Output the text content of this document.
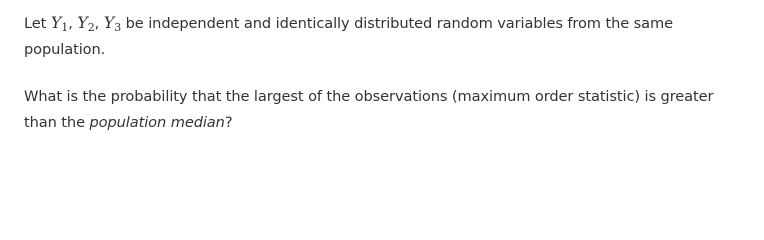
Let $Y_1$, $Y_2$, $Y_3$ be independent and identically distributed random variables from the same population.

What is the probability that the largest of the observations (maximum order statistic) is greater than the population median?
